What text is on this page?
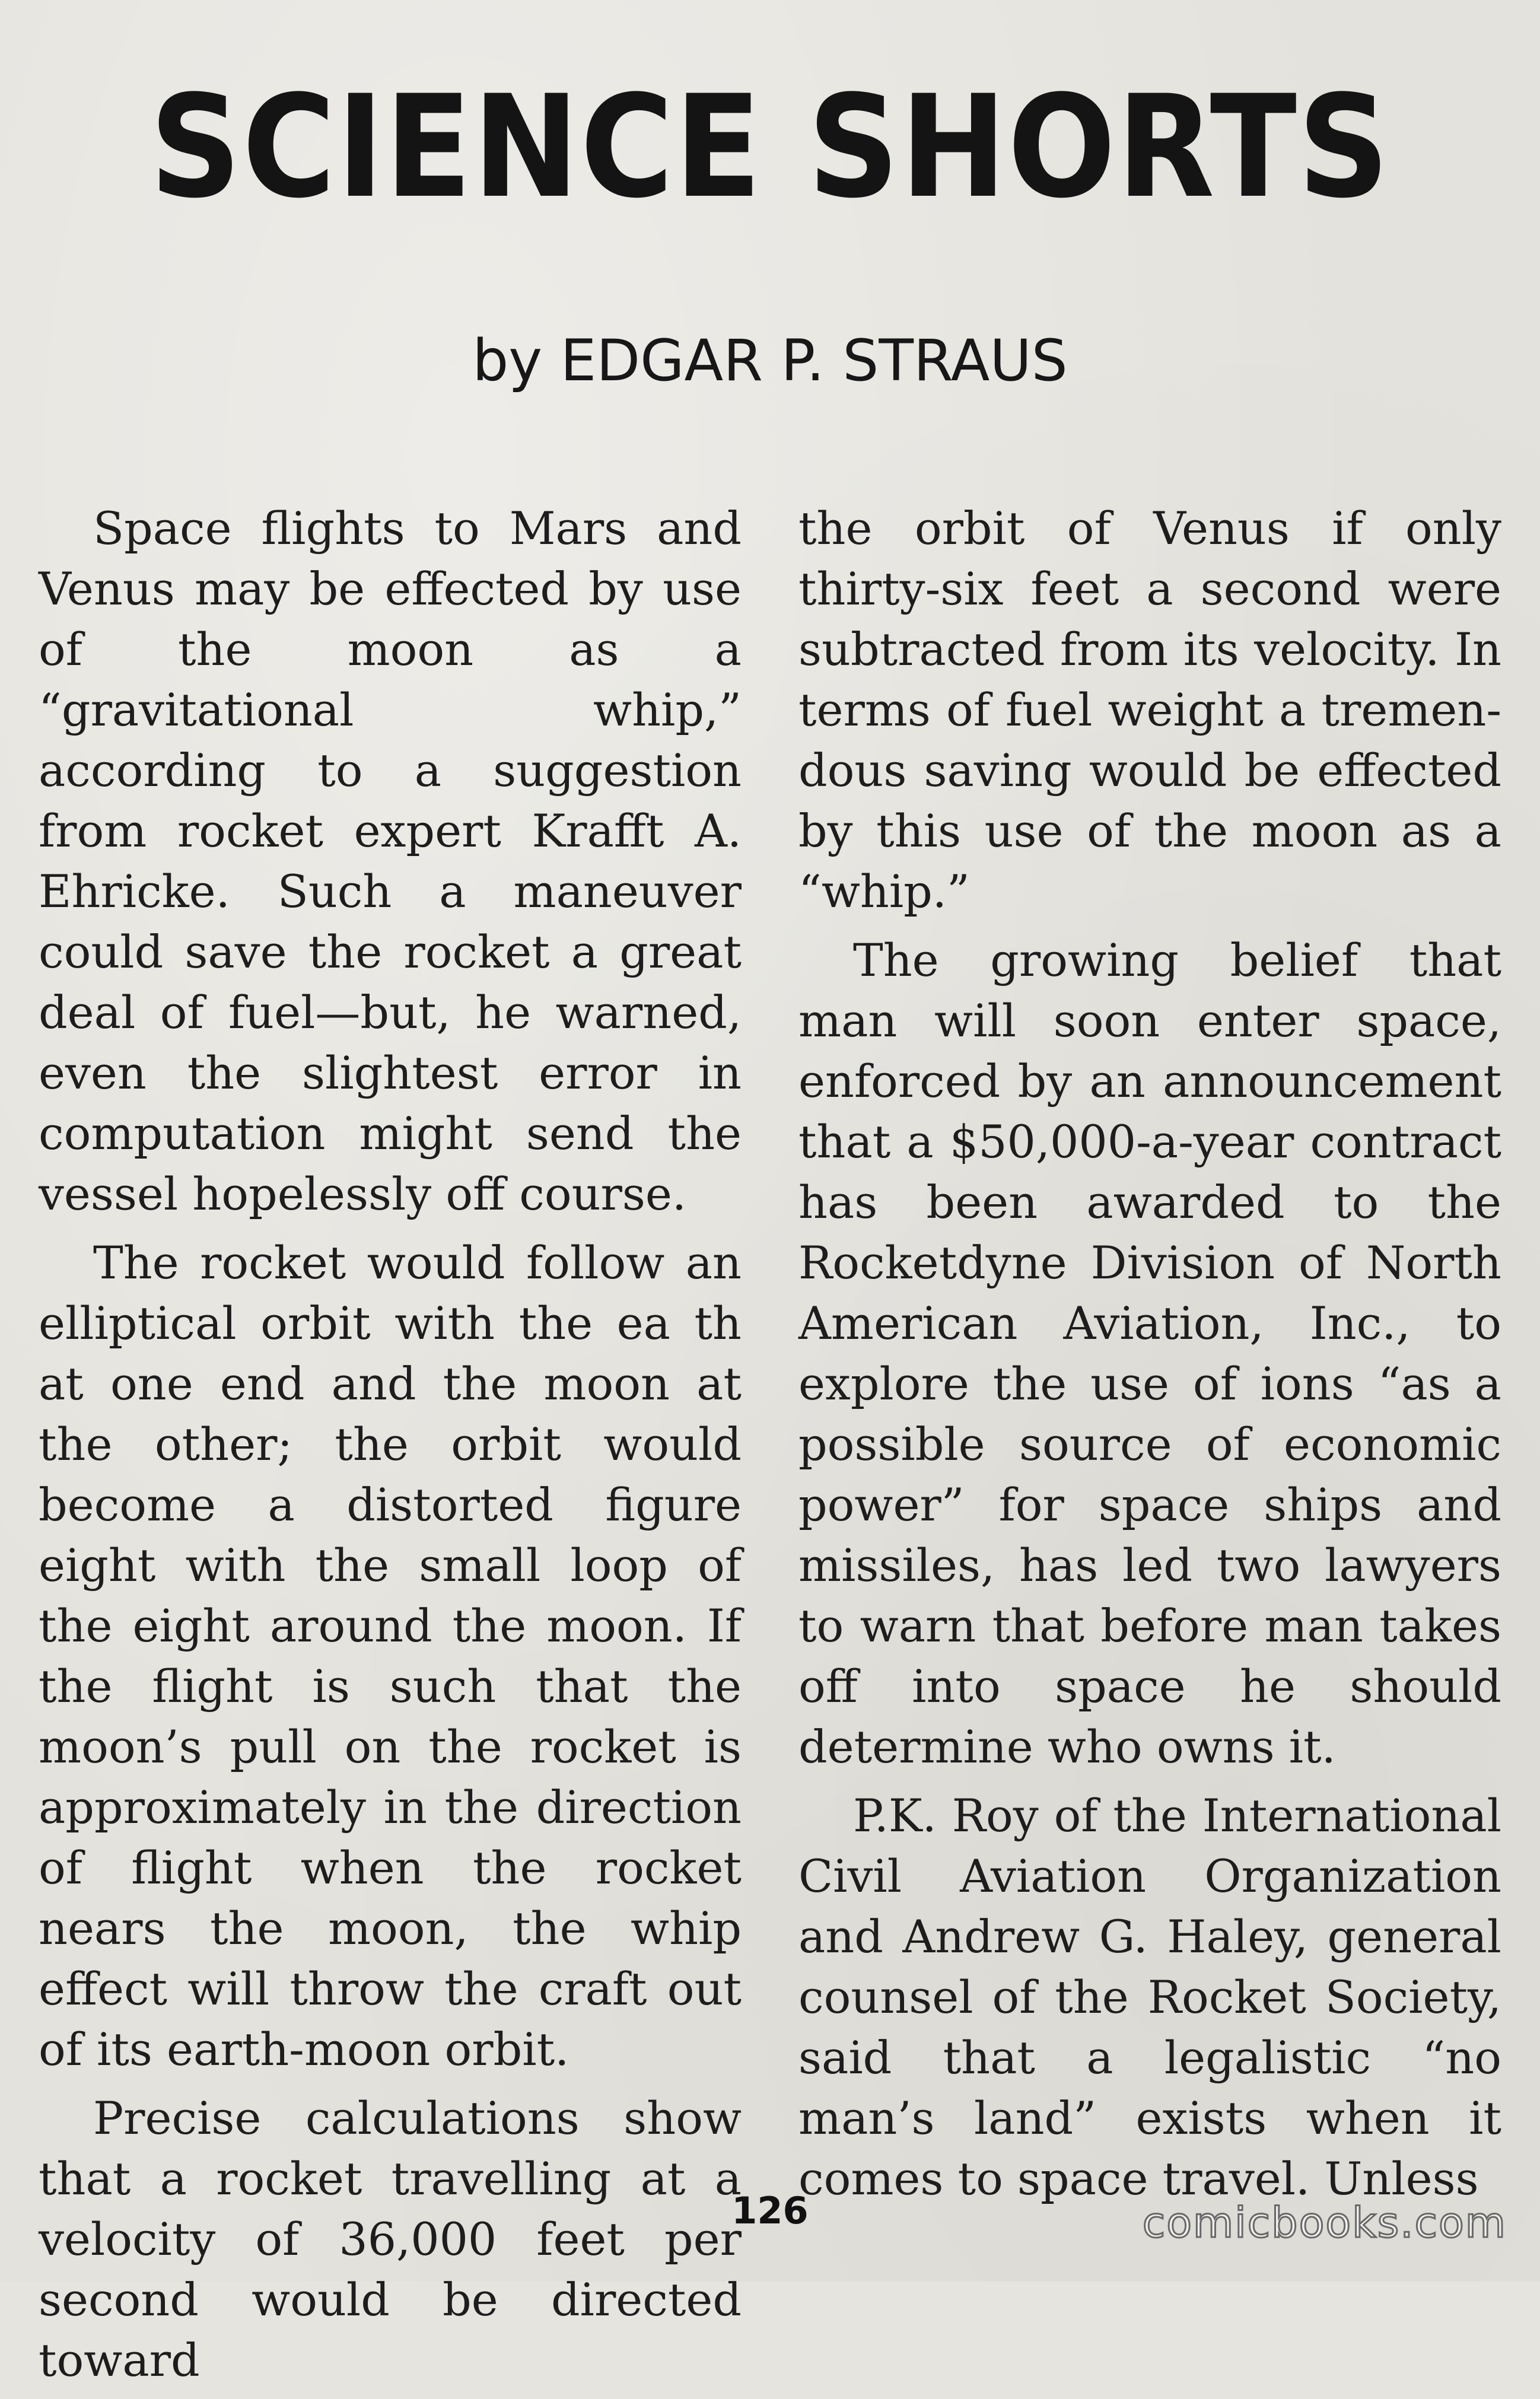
SCIENCE SHORTS
by EDGAR P. STRAUS

Space flights to Mars and Venus may be effected by use of the moon as a “gravitational whip,” according to a suggestion from rocket expert Krafft A. Ehricke. Such a maneuver could save the rocket a great deal of fuel—but, he warned, even the slightest error in computation might send the vessel hopelessly off course.

The rocket would follow an elliptical orbit with the ea th at one end and the moon at the other; the orbit would become a distorted figure eight with the small loop of the eight around the moon. If the flight is such that the moon’s pull on the rocket is approximately in the direction of flight when the rocket nears the moon, the whip effect will throw the craft out of its earth-moon orbit.

Precise calculations show that a rocket travelling at a velocity of 36,000 feet per second would be directed toward

the orbit of Venus if only thirty-six feet a second were subtracted from its velocity. In terms of fuel weight a tremendous saving would be effected by this use of the moon as a “whip.”

The growing belief that man will soon enter space, enforced by an announcement that a $50,000-a-year contract has been awarded to the Rocketdyne Division of North American Aviation, Inc., to explore the use of ions “as a possible source of economic power” for space ships and missiles, has led two lawyers to warn that before man takes off into space he should determine who owns it.

P.K. Roy of the International Civil Aviation Organization and Andrew G. Haley, general counsel of the Rocket Society, said that a legalistic “no man’s land” exists when it comes to space travel. Unless

126	comicbooks.com
